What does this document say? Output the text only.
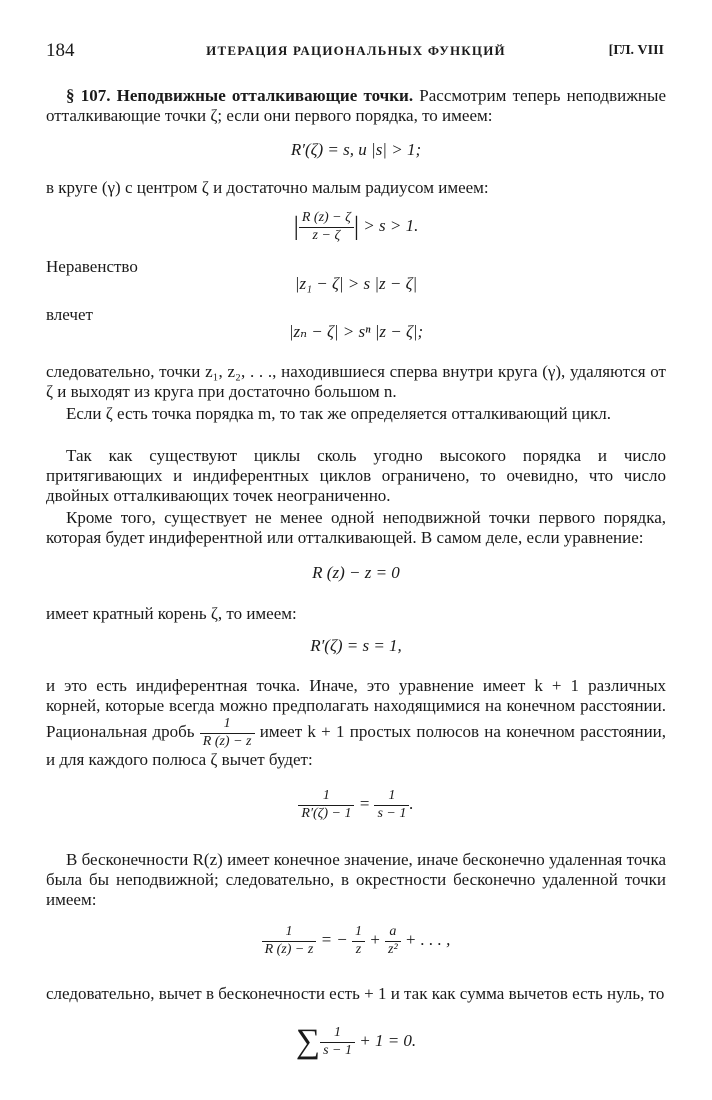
184	ИТЕРАЦИЯ РАЦИОНАЛЬНЫХ ФУНКЦИЙ	[ГЛ. VIII
§ 107. Неподвижные отталкивающие точки. Рассмотрим теперь неподвижные отталкивающие точки ζ; если они первого порядка, то имеем:
R′(ζ) = s, и |s| > 1;
в круге (γ) с центром ζ и достаточно малым радиусом имеем:
| $\frac{R (z) - \zeta}{z - \zeta}$ | > s > 1.
Неравенство
|z₁ − ζ| > s |z − ζ|
влечет
|zₙ − ζ| > sⁿ |z − ζ|;
следовательно, точки z₁, z₂, . . ., находившиеся сперва внутри круга (γ), удаляются от ζ и выходят из круга при достаточно большом n.
Если ζ есть точка порядка m, то так же определяется отталкивающий цикл.
Так как существуют циклы сколь угодно высокого порядка и число притягивающих и индиферентных циклов ограничено, то очевидно, что число двойных отталкивающих точек неограниченно.
Кроме того, существует не менее одной неподвижной точки первого порядка, которая будет индиферентной или отталкивающей. В самом деле, если уравнение:
R (z) − z = 0
имеет кратный корень ζ, то имеем:
R′(ζ) = s = 1,
и это есть индиферентная точка. Иначе, это уравнение имеет k + 1 различных корней, которые всегда можно предполагать находящимися на конечном расстоянии. Рациональная дробь $\frac{1}{R (z) - z}$ имеет k + 1 простых полюсов на конечном расстоянии, и для каждого полюса ζ вычет будет:
$\frac{1}{R'(\zeta) - 1} = \frac{1}{s - 1}$ .
В бесконечности R(z) имеет конечное значение, иначе бесконечно удаленная точка была бы неподвижной; следовательно, в окрестности бесконечно удаленной точки имеем:
$\frac{1}{R (z) - z}$ = − $\frac{1}{z} + \frac{a}{\text{z²}}$ + . . . ,
следовательно, вычет в бесконечности есть + 1 и так как сумма вычетов есть нуль, то
∑ $\frac{1}{s - 1} + 1 = 0$.
